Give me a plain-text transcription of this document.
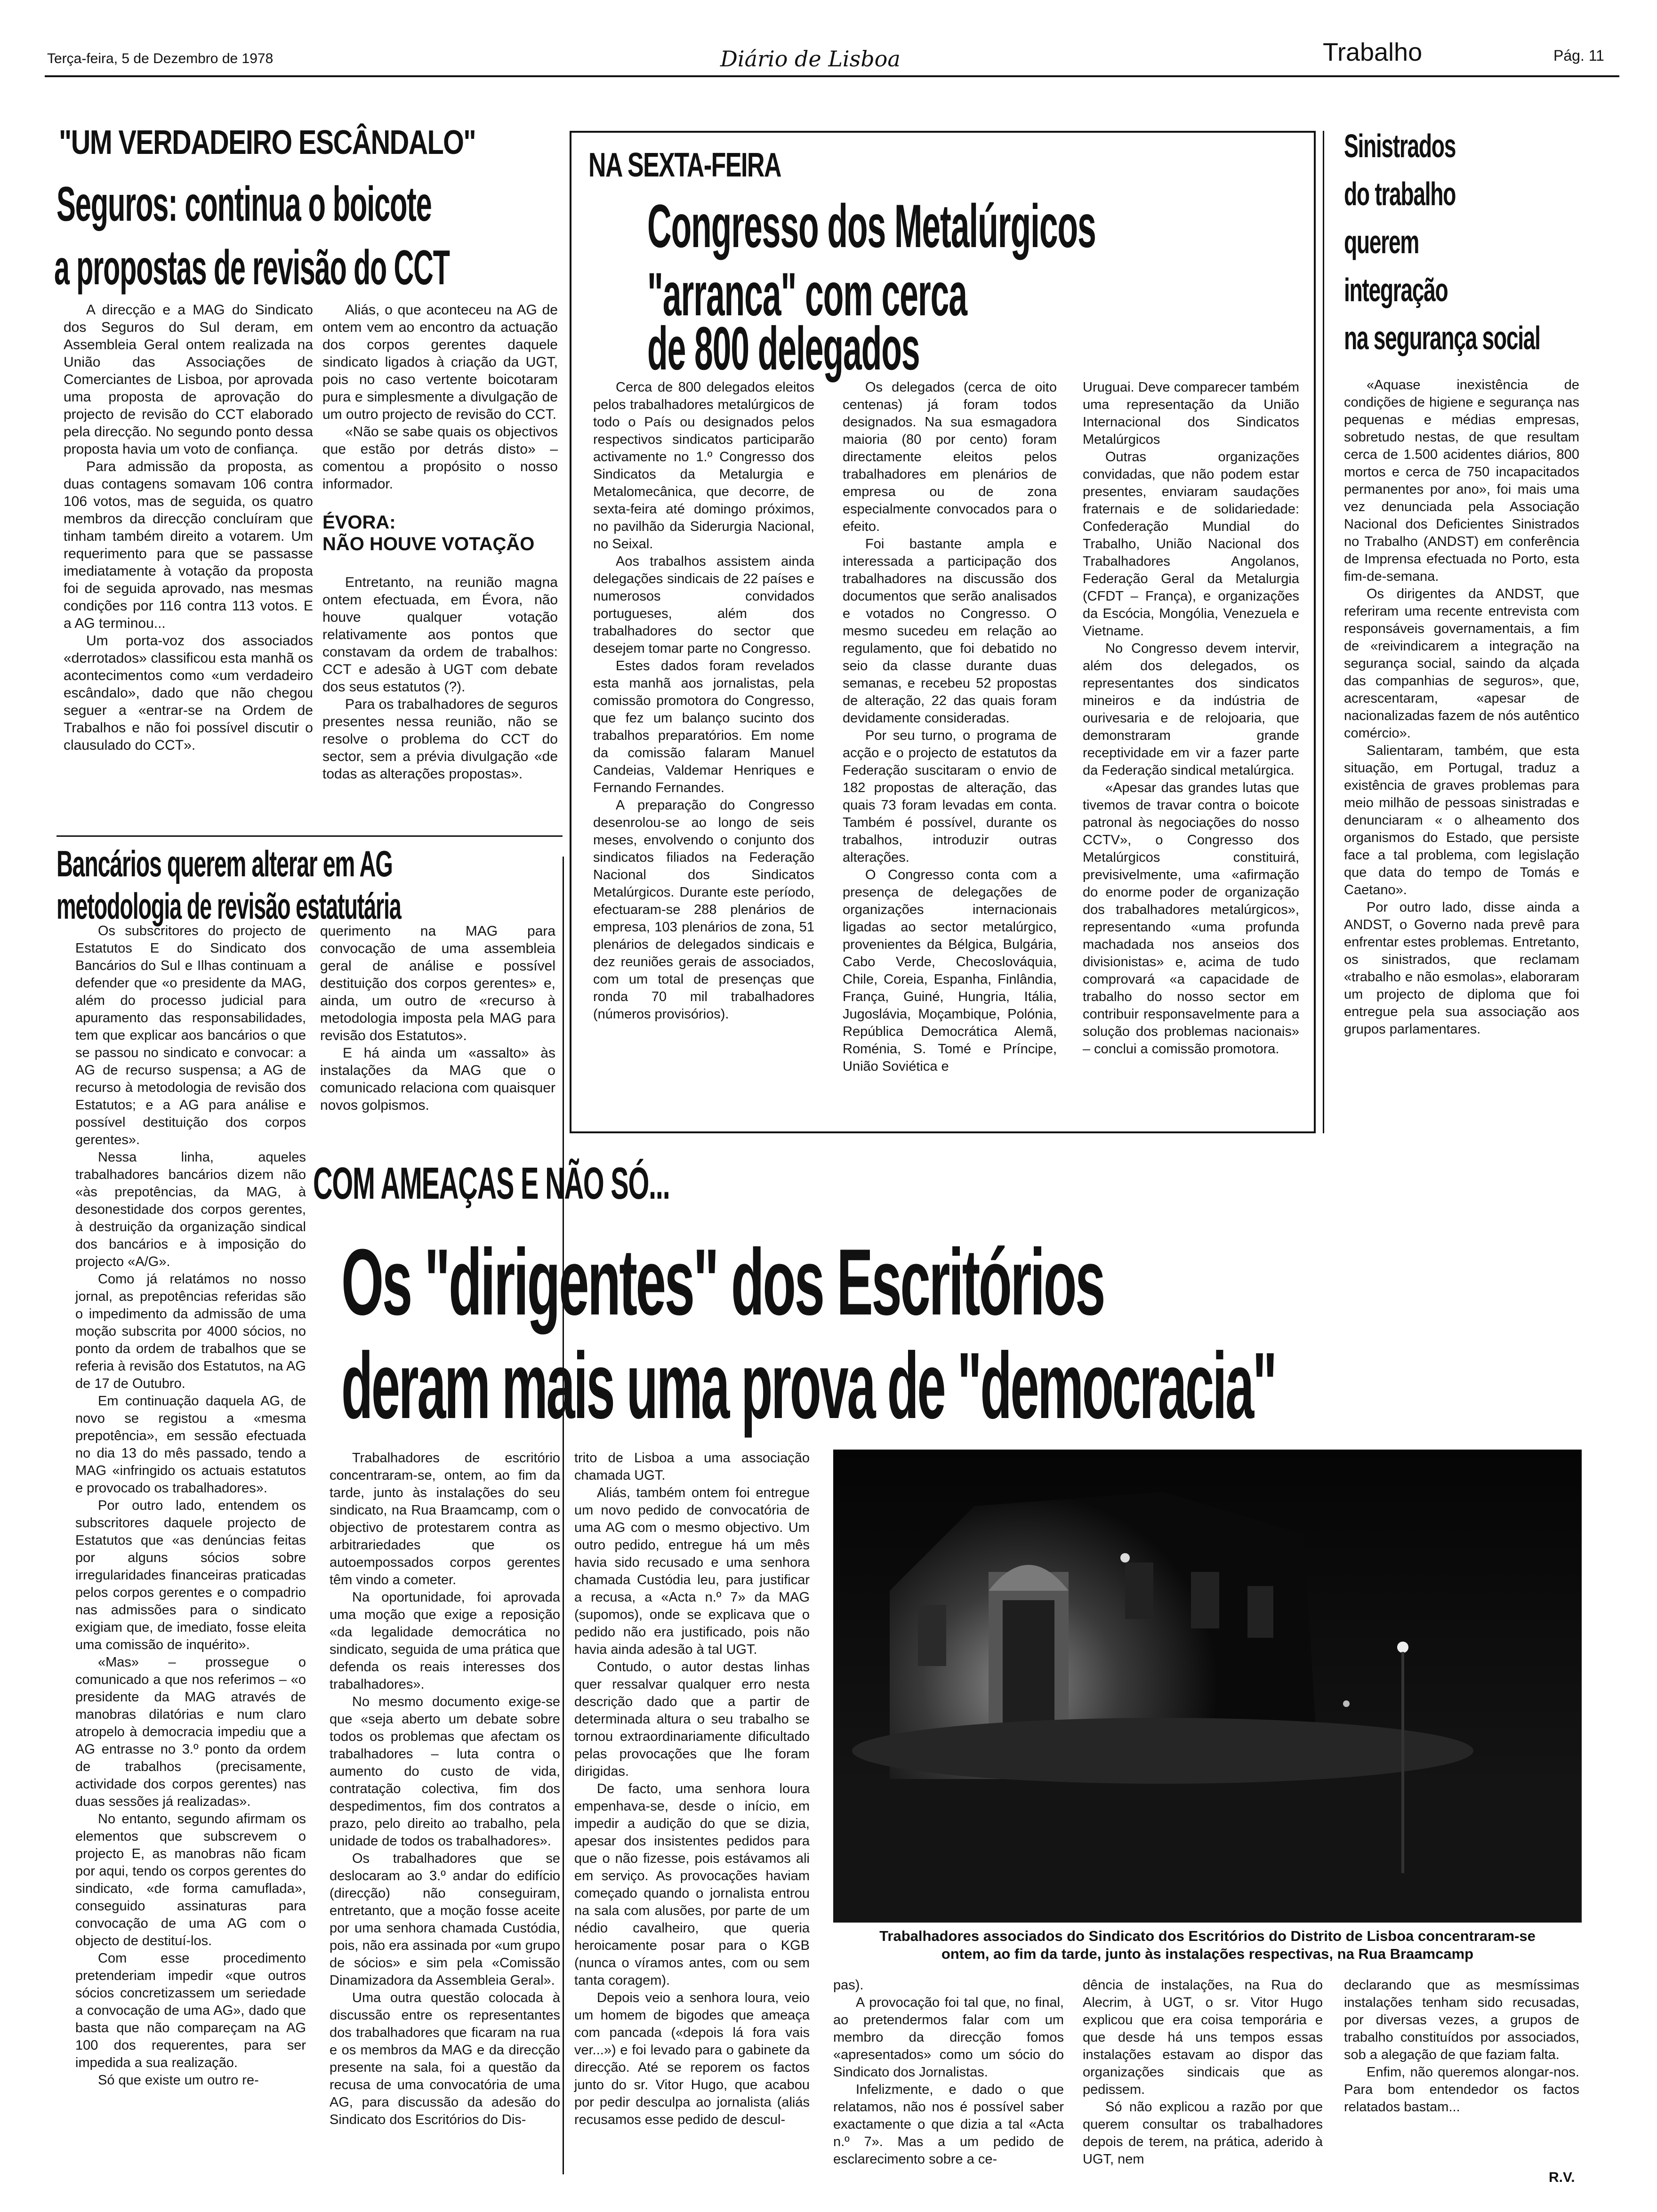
Terça-feira, 5 de Dezembro de 1978	Diário de Lisboa	Trabalho	Pág. 11
"UM VERDADEIRO ESCÂNDALO"
Seguros: continua o boicote
a propostas de revisão do CCT

A direcção e a MAG do Sindicato dos Seguros do Sul deram, em Assembleia Geral ontem realizada na União das Associações de Comerciantes de Lisboa, por aprovada uma proposta de aprovação do projecto de revisão do CCT elaborado pela direcção. No segundo ponto dessa proposta havia um voto de confiança.

Para admissão da proposta, as duas contagens somavam 106 contra 106 votos, mas de seguida, os quatro membros da direcção concluíram que tinham também direito a votarem. Um requerimento para que se passasse imediatamente à votação da proposta foi de seguida aprovado, nas mesmas condições por 116 contra 113 votos. E a AG terminou...

Um porta-voz dos associados «derrotados» classificou esta manhã os acontecimentos como «um verdadeiro escândalo», dado que não chegou seguer a «entrar-se na Ordem de Trabalhos e não foi possível discutir o clausulado do CCT».

Aliás, o que aconteceu na AG de ontem vem ao encontro da actuação dos corpos gerentes daquele sindicato ligados à criação da UGT, pois no caso vertente boicotaram pura e simplesmente a divulgação de um outro projecto de revisão do CCT.

«Não se sabe quais os objectivos que estão por detrás disto» – comentou a propósito o nosso informador.

ÉVORA:
NÃO HOUVE VOTAÇÃO

Entretanto, na reunião magna ontem efectuada, em Évora, não houve qualquer votação relativamente aos pontos que constavam da ordem de trabalhos: CCT e adesão à UGT com debate dos seus estatutos (?).

Para os trabalhadores de seguros presentes nessa reunião, não se resolve o problema do CCT do sector, sem a prévia divulgação «de todas as alterações propostas».

Bancários querem alterar em AG
metodologia de revisão estatutária

Os subscritores do projecto de Estatutos E do Sindicato dos Bancários do Sul e Ilhas continuam a defender que «o presidente da MAG, além do processo judicial para apuramento das responsabilidades, tem que explicar aos bancários o que se passou no sindicato e convocar: a AG de recurso suspensa; a AG de recurso à metodologia de revisão dos Estatutos; e a AG para análise e possível destituição dos corpos gerentes».

Nessa linha, aqueles trabalhadores bancários dizem não «às prepotências, da MAG, à desonestidade dos corpos gerentes, à destruição da organização sindical dos bancários e à imposição do projecto «A/G».

Como já relatámos no nosso jornal, as prepotências referidas são o impedimento da admissão de uma moção subscrita por 4000 sócios, no ponto da ordem de trabalhos que se referia à revisão dos Estatutos, na AG de 17 de Outubro.

Em continuação daquela AG, de novo se registou a «mesma prepotência», em sessão efectuada no dia 13 do mês passado, tendo a MAG «infringido os actuais estatutos e provocado os trabalhadores».

Por outro lado, entendem os subscritores daquele projecto de Estatutos que «as denúncias feitas por alguns sócios sobre irregularidades financeiras praticadas pelos corpos gerentes e o compadrio nas admissões para o sindicato exigiam que, de imediato, fosse eleita uma comissão de inquérito».

«Mas» – prossegue o comunicado a que nos referimos – «o presidente da MAG através de manobras dilatórias e num claro atropelo à democracia impediu que a AG entrasse no 3.º ponto da ordem de trabalhos (precisamente, actividade dos corpos gerentes) nas duas sessões já realizadas».

No entanto, segundo afirmam os elementos que subscrevem o projecto E, as manobras não ficam por aqui, tendo os corpos gerentes do sindicato, «de forma camuflada», conseguido assinaturas para convocação de uma AG com o objecto de destituí-los.

Com esse procedimento pretenderiam impedir «que outros sócios concretizassem um seriedade a convocação de uma AG», dado que basta que não compareçam na AG 100 dos requerentes, para ser impedida a sua realização.

Só que existe um outro re-

querimento na MAG para convocação de uma assembleia geral de análise e possível destituição dos corpos gerentes» e, ainda, um outro de «recurso à metodologia imposta pela MAG para revisão dos Estatutos».

E há ainda um «assalto» às instalações da MAG que o comunicado relaciona com quaisquer novos golpismos.

NA SEXTA-FEIRA
Congresso dos Metalúrgicos
"arranca" com cerca
de 800 delegados

Cerca de 800 delegados eleitos pelos trabalhadores metalúrgicos de todo o País ou designados pelos respectivos sindicatos participarão activamente no 1.º Congresso dos Sindicatos da Metalurgia e Metalomecânica, que decorre, de sexta-feira até domingo próximos, no pavilhão da Siderurgia Nacional, no Seixal.

Aos trabalhos assistem ainda delegações sindicais de 22 países e numerosos convidados portugueses, além dos trabalhadores do sector que desejem tomar parte no Congresso.

Estes dados foram revelados esta manhã aos jornalistas, pela comissão promotora do Congresso, que fez um balanço sucinto dos trabalhos preparatórios. Em nome da comissão falaram Manuel Candeias, Valdemar Henriques e Fernando Fernandes.

A preparação do Congresso desenrolou-se ao longo de seis meses, envolvendo o conjunto dos sindicatos filiados na Federação Nacional dos Sindicatos Metalúrgicos. Durante este período, efectuaram-se 288 plenários de empresa, 103 plenários de zona, 51 plenários de delegados sindicais e dez reuniões gerais de associados, com um total de presenças que ronda 70 mil trabalhadores (números provisórios).

Os delegados (cerca de oito centenas) já foram todos designados. Na sua esmagadora maioria (80 por cento) foram directamente eleitos pelos trabalhadores em plenários de empresa ou de zona especialmente convocados para o efeito.

Foi bastante ampla e interessada a participação dos trabalhadores na discussão dos documentos que serão analisados e votados no Congresso. O mesmo sucedeu em relação ao regulamento, que foi debatido no seio da classe durante duas semanas, e recebeu 52 propostas de alteração, 22 das quais foram devidamente consideradas.

Por seu turno, o programa de acção e o projecto de estatutos da Federação suscitaram o envio de 182 propostas de alteração, das quais 73 foram levadas em conta. Também é possível, durante os trabalhos, introduzir outras alterações.

O Congresso conta com a presença de delegações de organizações internacionais ligadas ao sector metalúrgico, provenientes da Bélgica, Bulgária, Cabo Verde, Checoslováquia, Chile, Coreia, Espanha, Finlândia, França, Guiné, Hungria, Itália, Jugoslávia, Moçambique, Polónia, República Democrática Alemã, Roménia, S. Tomé e Príncipe, União Soviética e

Uruguai. Deve comparecer também uma representação da União Internacional dos Sindicatos Metalúrgicos

Outras organizações convidadas, que não podem estar presentes, enviaram saudações fraternais e de solidariedade: Confederação Mundial do Trabalho, União Nacional dos Trabalhadores Angolanos, Federação Geral da Metalurgia (CFDT – França), e organizações da Escócia, Mongólia, Venezuela e Vietname.

No Congresso devem intervir, além dos delegados, os representantes dos sindicatos mineiros e da indústria de ourivesaria e de relojoaria, que demonstraram grande receptividade em vir a fazer parte da Federação sindical metalúrgica.

«Apesar das grandes lutas que tivemos de travar contra o boicote patronal às negociações do nosso CCTV», o Congresso dos Metalúrgicos constituirá, previsivelmente, uma «afirmação do enorme poder de organização dos trabalhadores metalúrgicos», representando «uma profunda machadada nos anseios dos divisionistas» e, acima de tudo comprovará «a capacidade de trabalho do nosso sector em contribuir responsavelmente para a solução dos problemas nacionais» – conclui a comissão promotora.

Sinistrados
do trabalho
querem
integração
na segurança social

«Aquase inexistência de condições de higiene e segurança nas pequenas e médias empresas, sobretudo nestas, de que resultam cerca de 1.500 acidentes diários, 800 mortos e cerca de 750 incapacitados permanentes por ano», foi mais uma vez denunciada pela Associação Nacional dos Deficientes Sinistrados no Trabalho (ANDST) em conferência de Imprensa efectuada no Porto, esta fim-de-semana.

Os dirigentes da ANDST, que referiram uma recente entrevista com responsáveis governamentais, a fim de «reivindicarem a integração na segurança social, saindo da alçada das companhias de seguros», que, acrescentaram, «apesar de nacionalizadas fazem de nós autêntico comércio».

Salientaram, também, que esta situação, em Portugal, traduz a existência de graves problemas para meio milhão de pessoas sinistradas e denunciaram « o alheamento dos organismos do Estado, que persiste face a tal problema, com legislação que data do tempo de Tomás e Caetano».

Por outro lado, disse ainda a ANDST, o Governo nada prevê para enfrentar estes problemas. Entretanto, os sinistrados, que reclamam «trabalho e não esmolas», elaboraram um projecto de diploma que foi entregue pela sua associação aos grupos parlamentares.

COM AMEAÇAS E NÃO SÓ...
Os "dirigentes" dos Escritórios
deram mais uma prova de "democracia"

Trabalhadores de escritório concentraram-se, ontem, ao fim da tarde, junto às instalações do seu sindicato, na Rua Braamcamp, com o objectivo de protestarem contra as arbitrariedades que os autoempossados corpos gerentes têm vindo a cometer.

Na oportunidade, foi aprovada uma moção que exige a reposição «da legalidade democrática no sindicato, seguida de uma prática que defenda os reais interesses dos trabalhadores».

No mesmo documento exige-se que «seja aberto um debate sobre todos os problemas que afectam os trabalhadores – luta contra o aumento do custo de vida, contratação colectiva, fim dos despedimentos, fim dos contratos a prazo, pelo direito ao trabalho, pela unidade de todos os trabalhadores».

Os trabalhadores que se deslocaram ao 3.º andar do edifício (direcção) não conseguiram, entretanto, que a moção fosse aceite por uma senhora chamada Custódia, pois, não era assinada por «um grupo de sócios» e sim pela «Comissão Dinamizadora da Assembleia Geral».

Uma outra questão colocada à discussão entre os representantes dos trabalhadores que ficaram na rua e os membros da MAG e da direcção presente na sala, foi a questão da recusa de uma convocatória de uma AG, para discussão da adesão do Sindicato dos Escritórios do Dis-

trito de Lisboa a uma associação chamada UGT.

Aliás, também ontem foi entregue um novo pedido de convocatória de uma AG com o mesmo objectivo. Um outro pedido, entregue há um mês havia sido recusado e uma senhora chamada Custódia leu, para justificar a recusa, a «Acta n.º 7» da MAG (supomos), onde se explicava que o pedido não era justificado, pois não havia ainda adesão à tal UGT.

Contudo, o autor destas linhas quer ressalvar qualquer erro nesta descrição dado que a partir de determinada altura o seu trabalho se tornou extraordinariamente dificultado pelas provocações que lhe foram dirigidas.

De facto, uma senhora loura empenhava-se, desde o início, em impedir a audição do que se dizia, apesar dos insistentes pedidos para que o não fizesse, pois estávamos ali em serviço. As provocações haviam começado quando o jornalista entrou na sala com alusões, por parte de um nédio cavalheiro, que queria heroicamente posar para o KGB (nunca o víramos antes, com ou sem tanta coragem).

Depois veio a senhora loura, veio um homem de bigodes que ameaça com pancada («depois lá fora vais ver...») e foi levado para o gabinete da direcção. Até se reporem os factos junto do sr. Vitor Hugo, que acabou por pedir desculpa ao jornalista (aliás recusamos esse pedido de descul-

Trabalhadores associados do Sindicato dos Escritórios do Distrito de Lisboa concentraram-se
ontem, ao fim da tarde, junto às instalações respectivas, na Rua Braamcamp

pas).

A provocação foi tal que, no final, ao pretendermos falar com um membro da direcção fomos «apresentados» como um sócio do Sindicato dos Jornalistas.

Infelizmente, e dado o que relatamos, não nos é possível saber exactamente o que dizia a tal «Acta n.º 7». Mas a um pedido de esclarecimento sobre a ce-

dência de instalações, na Rua do Alecrim, à UGT, o sr. Vitor Hugo explicou que era coisa temporária e que desde há uns tempos essas instalações estavam ao dispor das organizações sindicais que as pedissem.

Só não explicou a razão por que querem consultar os trabalhadores depois de terem, na prática, aderido à UGT, nem

declarando que as mesmíssimas instalações tenham sido recusadas, por diversas vezes, a grupos de trabalho constituídos por associados, sob a alegação de que faziam falta.

Enfim, não queremos alongar-nos. Para bom entendedor os factos relatados bastam...

R.V.
